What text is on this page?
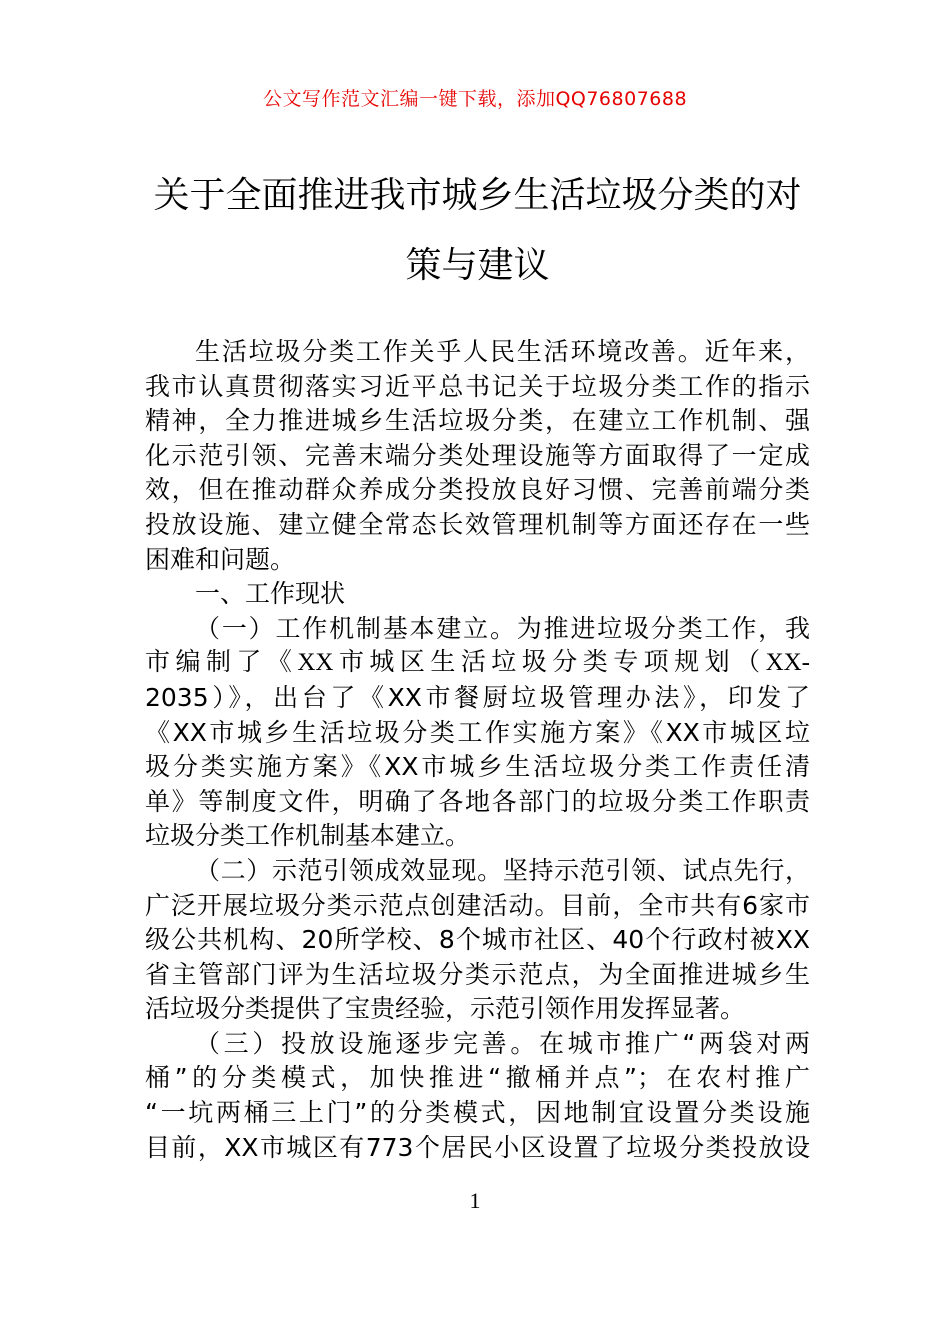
公文写作范文汇编一键下载，添加QQ76807688
关于全面推进我市城乡生活垃圾分类的对
策与建议
生活垃圾分类工作关乎人民生活环境改善。近年来，
我市认真贯彻落实习近平总书记关于垃圾分类工作的指示
精神，全力推进城乡生活垃圾分类，在建立工作机制、强
化示范引领、完善末端分类处理设施等方面取得了一定成
效，但在推动群众养成分类投放良好习惯、完善前端分类
投放设施、建立健全常态长效管理机制等方面还存在一些
困难和问题。
一、工作现状
（一）工作机制基本建立。为推进垃圾分类工作，我
市编制了《XX市城区生活垃圾分类专项规划（XX-
2035）》，出台了《XX市餐厨垃圾管理办法》，印发了
《XX市城乡生活垃圾分类工作实施方案》《XX市城区垃
圾分类实施方案》《XX市城乡生活垃圾分类工作责任清
单》等制度文件，明确了各地各部门的垃圾分类工作职责
垃圾分类工作机制基本建立。
（二）示范引领成效显现。坚持示范引领、试点先行，
广泛开展垃圾分类示范点创建活动。目前，全市共有6家市
级公共机构、20所学校、8个城市社区、40个行政村被XX
省主管部门评为生活垃圾分类示范点，为全面推进城乡生
活垃圾分类提供了宝贵经验，示范引领作用发挥显著。
（三）投放设施逐步完善。在城市推广“两袋对两
桶”的分类模式，加快推进“撤桶并点”；在农村推广
“一坑两桶三上门”的分类模式，因地制宜设置分类设施
目前，XX市城区有773个居民小区设置了垃圾分类投放设
1
